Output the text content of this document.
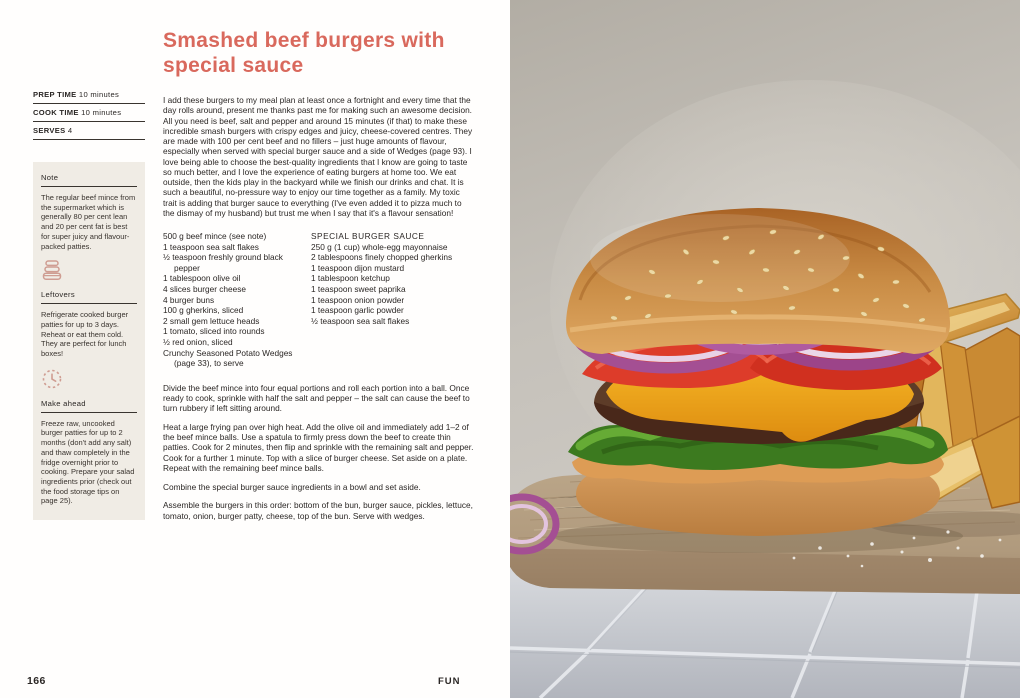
PREP TIME 10 minutes
COOK TIME 10 minutes
SERVES 4
Note
The regular beef mince from the supermarket which is generally 80 per cent lean and 20 per cent fat is best for super juicy and flavour-packed patties.
Leftovers
Refrigerate cooked burger patties for up to 3 days. Reheat or eat them cold. They are perfect for lunch boxes!
Make ahead
Freeze raw, uncooked burger patties for up to 2 months (don't add any salt) and thaw completely in the fridge overnight prior to cooking. Prepare your salad ingredients prior (check out the food storage tips on page 25).
Smashed beef burgers with special sauce

I add these burgers to my meal plan at least once a fortnight and every time that the day rolls around, present me thanks past me for making such an awesome decision. All you need is beef, salt and pepper and around 15 minutes (if that) to make these incredible smash burgers with crispy edges and juicy, cheese-covered centres. They are made with 100 per cent beef and no fillers – just huge amounts of flavour, especially when served with special burger sauce and a side of Wedges (page 93). I love being able to choose the best-quality ingredients that I know are going to taste so much better, and I love the experience of eating burgers at home too. We eat outside, then the kids play in the backyard while we finish our drinks and chat. It is such a beautiful, no-pressure way to enjoy our time together as a family. My toxic trait is adding that burger sauce to everything (I've even added it to pizza much to the dismay of my husband) but trust me when I say that it's a flavour sensation!

500 g beef mince (see note)
1 teaspoon sea salt flakes
½ teaspoon freshly ground black pepper
1 tablespoon olive oil
4 slices burger cheese
4 burger buns
100 g gherkins, sliced
2 small gem lettuce heads
1 tomato, sliced into rounds
½ red onion, sliced
Crunchy Seasoned Potato Wedges (page 33), to serve
SPECIAL BURGER SAUCE
250 g (1 cup) whole-egg mayonnaise
2 tablespoons finely chopped gherkins
1 teaspoon dijon mustard
1 tablespoon ketchup
1 teaspoon sweet paprika
1 teaspoon onion powder
1 teaspoon garlic powder
½ teaspoon sea salt flakes

Divide the beef mince into four equal portions and roll each portion into a ball. Once ready to cook, sprinkle with half the salt and pepper – the salt can cause the beef to turn rubbery if left sitting around.

Heat a large frying pan over high heat. Add the olive oil and immediately add 1–2 of the beef mince balls. Use a spatula to firmly press down the beef to create thin patties. Cook for 2 minutes, then flip and sprinkle with the remaining salt and pepper. Cook for a further 1 minute. Top with a slice of burger cheese. Set aside on a plate. Repeat with the remaining beef mince balls.

Combine the special burger sauce ingredients in a bowl and set aside.

Assemble the burgers in this order: bottom of the bun, burger sauce, pickles, lettuce, tomato, onion, burger patty, cheese, top of the bun. Serve with wedges.

166	FUN
